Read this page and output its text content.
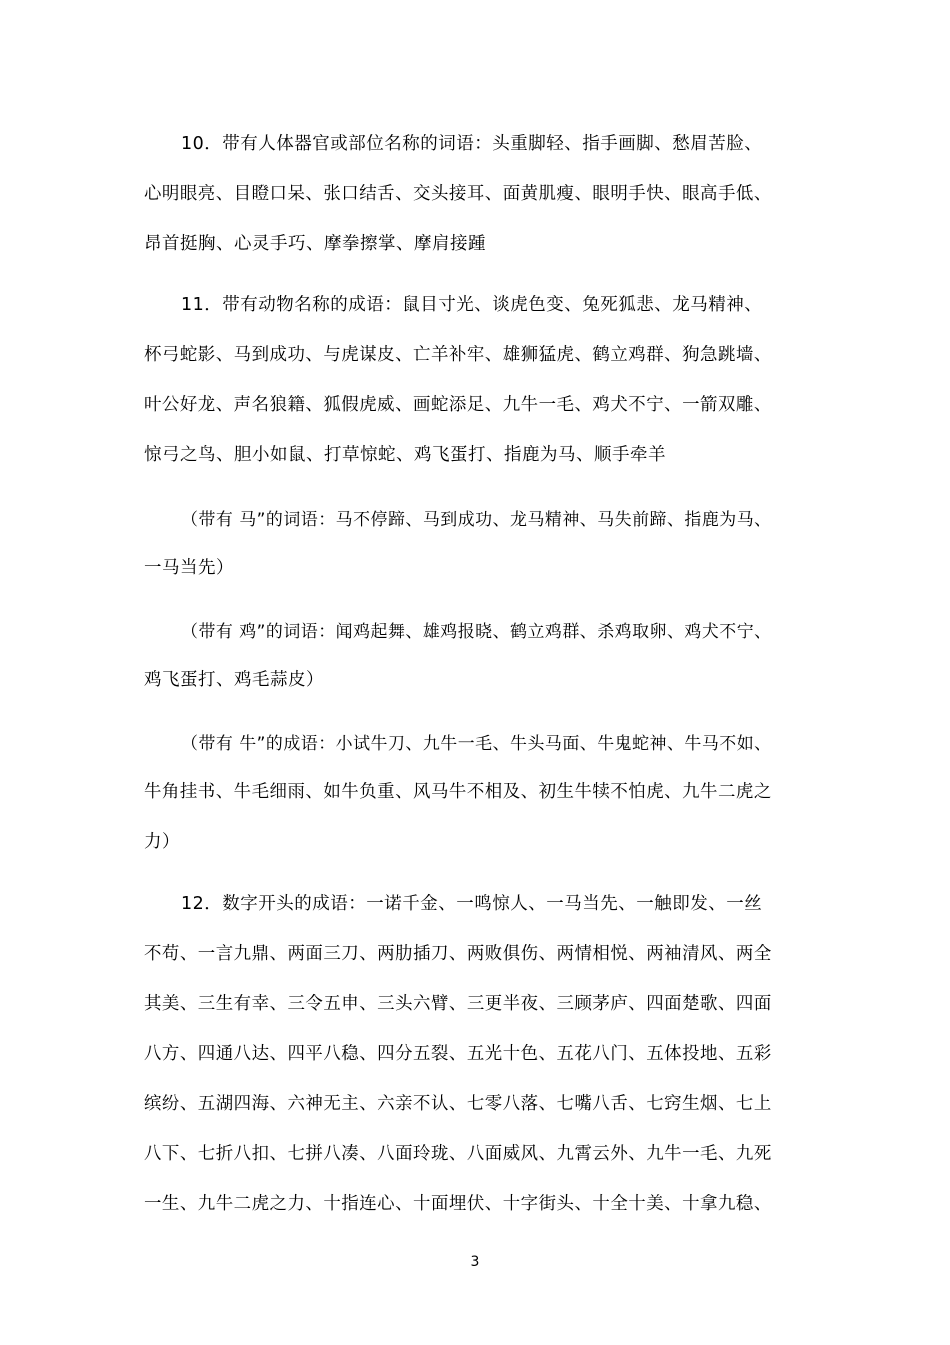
10．带有人体器官或部位名称的词语：头重脚轻、指手画脚、愁眉苦脸、
心明眼亮、目瞪口呆、张口结舌、交头接耳、面黄肌瘦、眼明手快、眼高手低、
昂首挺胸、心灵手巧、摩拳擦掌、摩肩接踵
11．带有动物名称的成语：鼠目寸光、谈虎色变、兔死狐悲、龙马精神、
杯弓蛇影、马到成功、与虎谋皮、亡羊补牢、雄狮猛虎、鹤立鸡群、狗急跳墙、
叶公好龙、声名狼籍、狐假虎威、画蛇添足、九牛一毛、鸡犬不宁、一箭双雕、
惊弓之鸟、胆小如鼠、打草惊蛇、鸡飞蛋打、指鹿为马、顺手牵羊
（带有 马”的词语：马不停蹄、马到成功、龙马精神、马失前蹄、指鹿为马、
一马当先）
（带有 鸡”的词语：闻鸡起舞、雄鸡报晓、鹤立鸡群、杀鸡取卵、鸡犬不宁、
鸡飞蛋打、鸡毛蒜皮）
（带有 牛”的成语：小试牛刀、九牛一毛、牛头马面、牛鬼蛇神、牛马不如、
牛角挂书、牛毛细雨、如牛负重、风马牛不相及、初生牛犊不怕虎、九牛二虎之
力）
12．数字开头的成语：一诺千金、一鸣惊人、一马当先、一触即发、一丝
不苟、一言九鼎、两面三刀、两肋插刀、两败俱伤、两情相悦、两袖清风、两全
其美、三生有幸、三令五申、三头六臂、三更半夜、三顾茅庐、四面楚歌、四面
八方、四通八达、四平八稳、四分五裂、五光十色、五花八门、五体投地、五彩
缤纷、五湖四海、六神无主、六亲不认、七零八落、七嘴八舌、七窍生烟、七上
八下、七折八扣、七拼八凑、八面玲珑、八面威风、九霄云外、九牛一毛、九死
一生、九牛二虎之力、十指连心、十面埋伏、十字街头、十全十美、十拿九稳、
3
